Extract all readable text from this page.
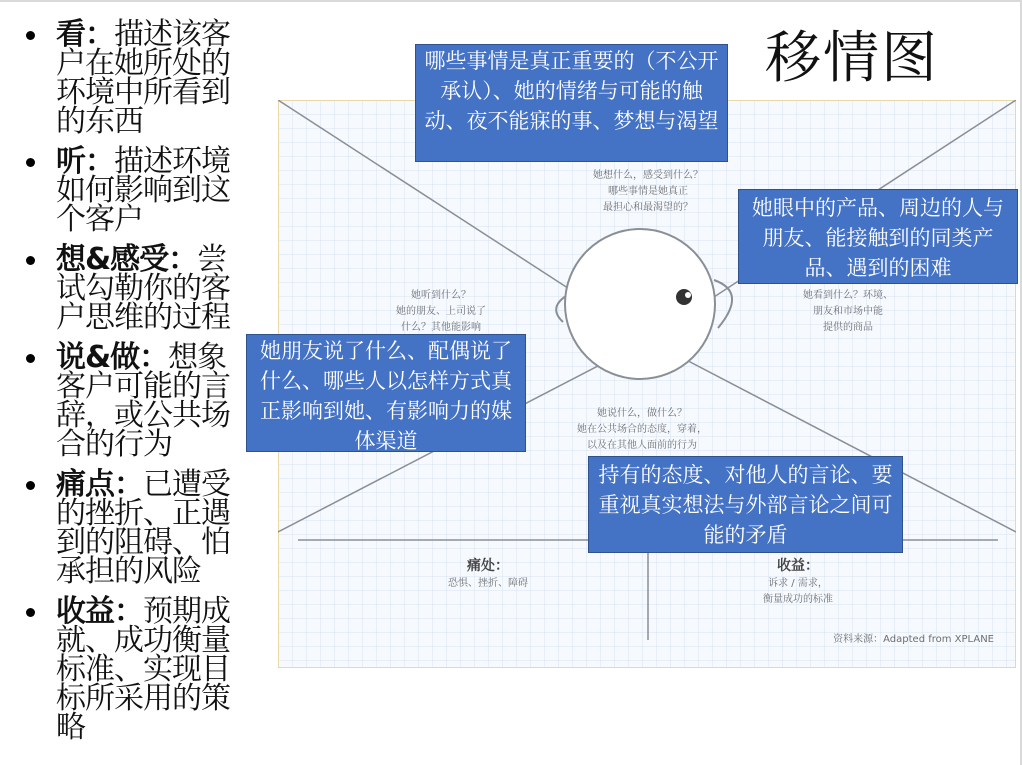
看：描述该客户在她所处的环境中所看到的东西
听：描述环境如何影响到这个客户
想&感受：尝试勾勒你的客户思维的过程
说&做：想象客户可能的言辞，或公共场合的行为
痛点：已遭受的挫折、正遇到的阻碍、怕承担的风险
收益：预期成就、成功衡量标准、实现目标所采用的策略
移情图
她想什么，感受到什么？
哪些事情是她真正
最担心和最渴望的？
她听到什么？
她的朋友、上司说了
什么？其他能影响
她看到什么？环境、
朋友和市场中能
提供的商品
她说什么，做什么？
她在公共场合的态度，穿着，
以及在其他人面前的行为
痛处：
恐惧、挫折、障碍
收益：
诉求 / 需求，
衡量成功的标准
资料来源：Adapted from XPLANE
哪些事情是真正重要的（不公开承认）、她的情绪与可能的触动、夜不能寐的事、梦想与渴望
她眼中的产品、周边的人与朋友、能接触到的同类产品、遇到的困难
她朋友说了什么、配偶说了什么、哪些人以怎样方式真正影响到她、有影响力的媒体渠道
持有的态度、对他人的言论、要重视真实想法与外部言论之间可能的矛盾
